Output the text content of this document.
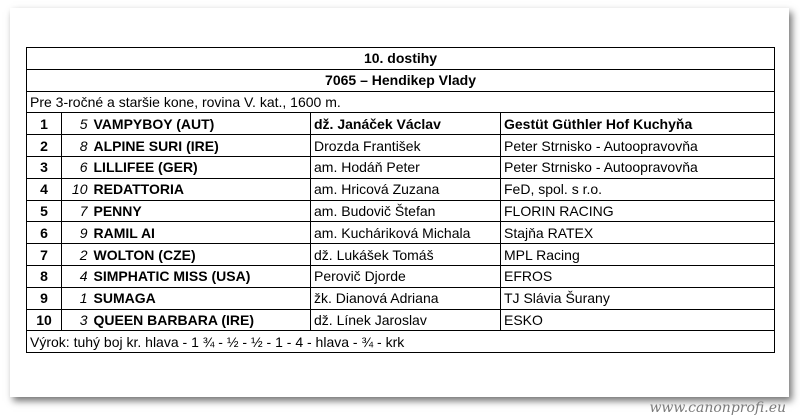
10. dostihy				
7065 – Hendikep Vlady				
Pre 3-ročné a staršie kone, rovina V. kat., 1600 m.				
1	5	VAMPYBOY (AUT)	dž. Janáček Václav	Gestüt Güthler Hof Kuchyňa
2	8	ALPINE SURI (IRE)	Drozda František	Peter Strnisko - Autoopravovňa
3	6	LILLIFEE (GER)	am. Hodáň Peter	Peter Strnisko - Autoopravovňa
4	10	REDATTORIA	am. Hricová Zuzana	FeD, spol. s r.o.
5	7	PENNY	am. Budovič Štefan	FLORIN RACING
6	9	RAMIL AI	am. Kucháriková Michala	Stajňa RATEX
7	2	WOLTON (CZE)	dž. Lukášek Tomáš	MPL Racing
8	4	SIMPHATIC MISS (USA)	Perovič Djorde	EFROS
9	1	SUMAGA	žk. Dianová Adriana	TJ Slávia Šurany
10	3	QUEEN BARBARA (IRE)	dž. Línek Jaroslav	ESKO
Výrok: tuhý boj kr. hlava - 1 ¾ - ½ - ½ - 1 - 4 - hlava - ¾ - krk				
www.canonprofi.eu
